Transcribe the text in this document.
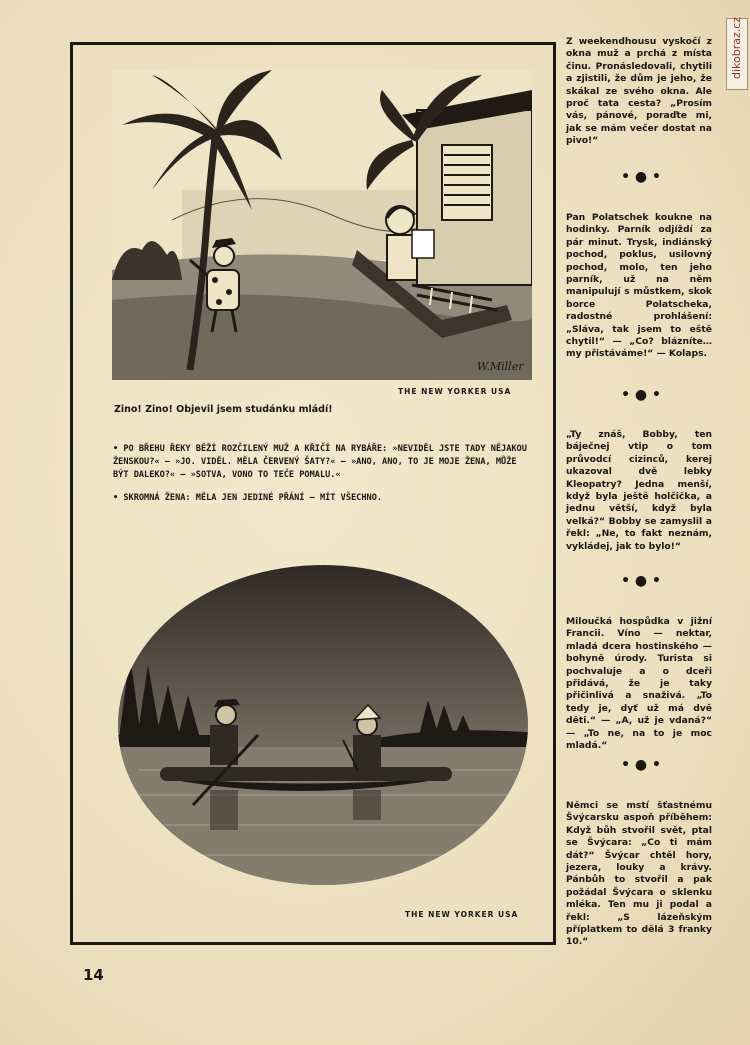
dikobraz.cz
W.Miller
THE NEW YORKER USA
Zino! Zino! Objevil jsem studánku mládí!

• PO BŘEHU ŘEKY BĚŽÍ ROZČILENÝ MUŽ A KŘIČÍ NA RYBÁŘE: »NEVIDĚL JSTE TADY NĚJAKOU ŽENSKOU?« — »JO. VIDĚL. MĚLA ČERVENÝ ŠATY?« — »ANO, ANO, TO JE MOJE ŽENA, MŮŽE BÝT DALEKO?« — »SOTVA, VONO TO TEČE POMALU.«

• SKROMNÁ ŽENA: MĚLA JEN JEDINÉ PŘÁNÍ — MÍT VŠECHNO.

THE NEW YORKER USA
Z weekendhousu vyskočí z okna muž a prchá z místa činu. Pronásledovali, chytili a zjistili, že dům je jeho, že skákal ze svého okna. Ale proč tata cesta? „Prosím vás, pánové, poraďte mi, jak se mám večer dostat na pivo!“
• ● •
Pan Polatschek koukne na hodinky. Parník odjíždí za pár minut. Trysk, indiánský pochod, poklus, usilovný pochod, molo, ten jeho parník, už na něm manipulují s můstkem, skok borce Polatscheka, radostné prohlášení: „Sláva, tak jsem to eště chytil!“ — „Co? blázníte… my přistáváme!“ — Kolaps.
• ● •
„Ty znáš, Bobby, ten báječnej vtip o tom průvodcí cizinců, kerej ukazoval dvě lebky Kleopatry? Jedna menší, když byla ještě holčička, a jednu větší, když byla velká?“ Bobby se zamyslil a řekl: „Ne, to fakt neznám, vykládej, jak to bylo!“
• ● •
Miloučká hospůdka v jižní Francii. Víno — nektar, mladá dcera hostinského — bohyně úrody. Turista si pochvaluje a o dceři přidává, že je taky přičinlivá a snaživá. „To tedy je, dyť už má dvě děti.“ — „A, už je vdaná?“ — „To ne, na to je moc mladá.“
• ● •
Němci se mstí šťastnému Švýcarsku aspoň příběhem: Když bůh stvořil svět, ptal se Švýcara: „Co ti mám dát?“ Švýcar chtěl hory, jezera, louky a krávy. Pánbůh to stvořil a pak požádal Švýcara o sklenku mléka. Ten mu ji podal a řekl: „S lázeňským příplatkem to dělá 3 franky 10.“
14
